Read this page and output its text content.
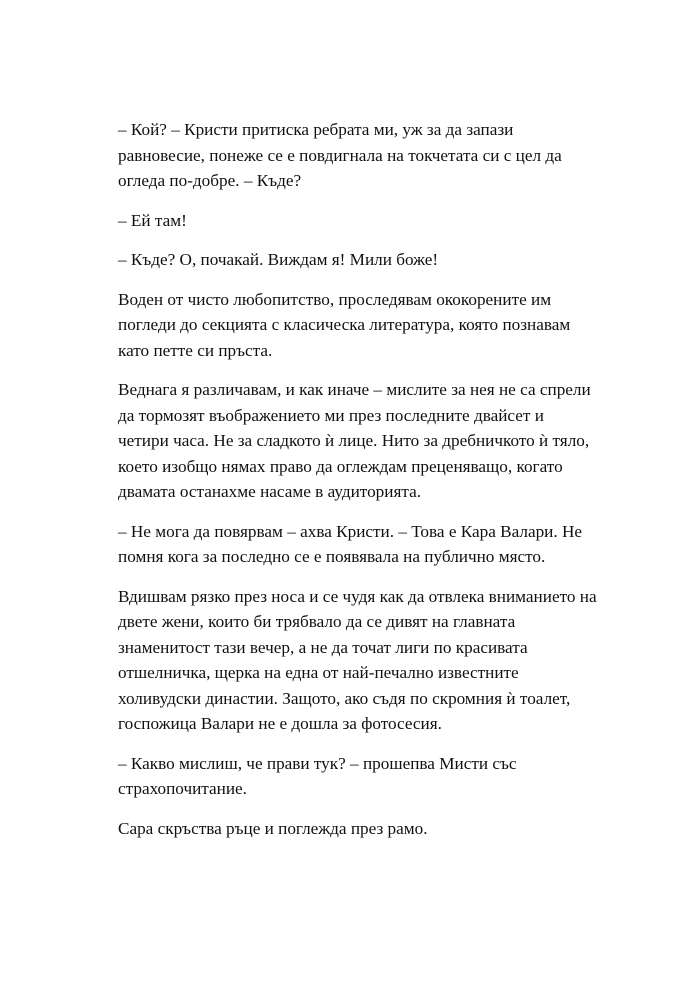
– Кой? – Кристи притиска ребрата ми, уж за да запази равновесие, понеже се е повдигнала на токчетата си с цел да огледа по-добре. – Къде?

– Ей там!

– Къде? О, почакай. Виждам я! Мили боже!

Воден от чисто любопитство, проследявам ококорените им погледи до секцията с класическа литература, която познавам като петте си пръста.

Веднага я различавам, и как иначе – мислите за нея не са спрели да тормозят въображението ми през последните двайсет и четири часа. Не за сладкото ѝ лице. Нито за дребничкото ѝ тяло, което изобщо нямах право да оглеждам преценяващо, когато двамата останахме насаме в аудиторията.

– Не мога да повярвам – ахва Кристи. – Това е Кара Валари. Не помня кога за последно се е появявала на публично място.

Вдишвам рязко през носа и се чудя как да отвлека вниманието на двете жени, които би трябвало да се дивят на главната знаменитост тази вечер, а не да точат лиги по красивата отшелничка, щерка на една от най-печално известните холивудски династии. Защото, ако съдя по скромния ѝ тоалет, госпожица Валари не е дошла за фотосесия.

– Какво мислиш, че прави тук? – прошепва Мисти със страхопочитание.

Сара скръства ръце и поглежда през рамо.
